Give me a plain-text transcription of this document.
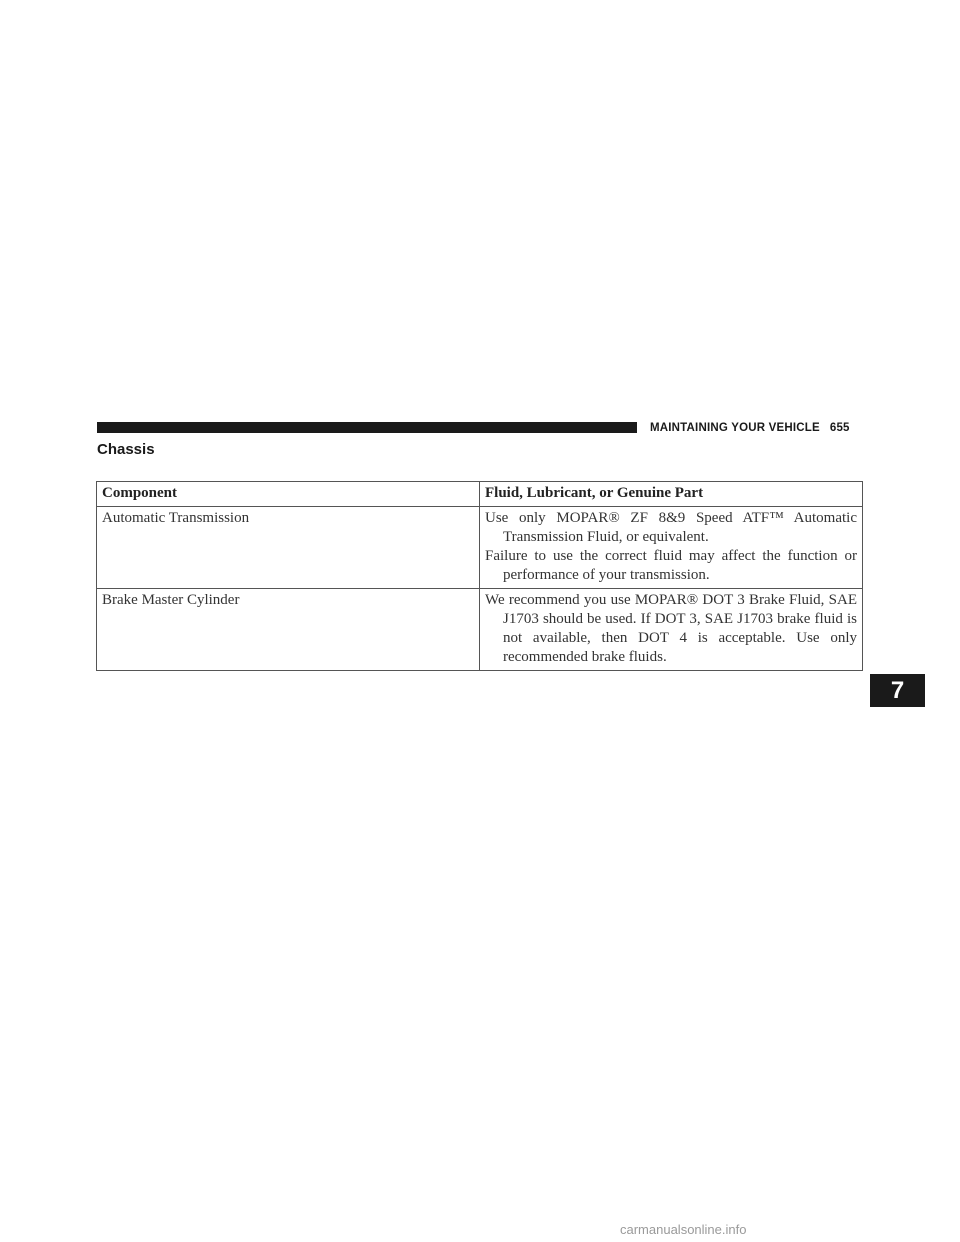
MAINTAINING YOUR VEHICLE 655
Chassis
Component	Fluid, Lubricant, or Genuine Part
Automatic Transmission	Use only MOPAR® ZF 8&9 Speed ATF™ Automatic Transmission Fluid, or equivalent.

Failure to use the correct fluid may affect the function or performance of your transmission.

Brake Master Cylinder	We recommend you use MOPAR® DOT 3 Brake Fluid, SAE J1703 should be used. If DOT 3, SAE J1703 brake fluid is not available, then DOT 4 is acceptable. Use only recommended brake fluids.

7
carmanualsonline.info
